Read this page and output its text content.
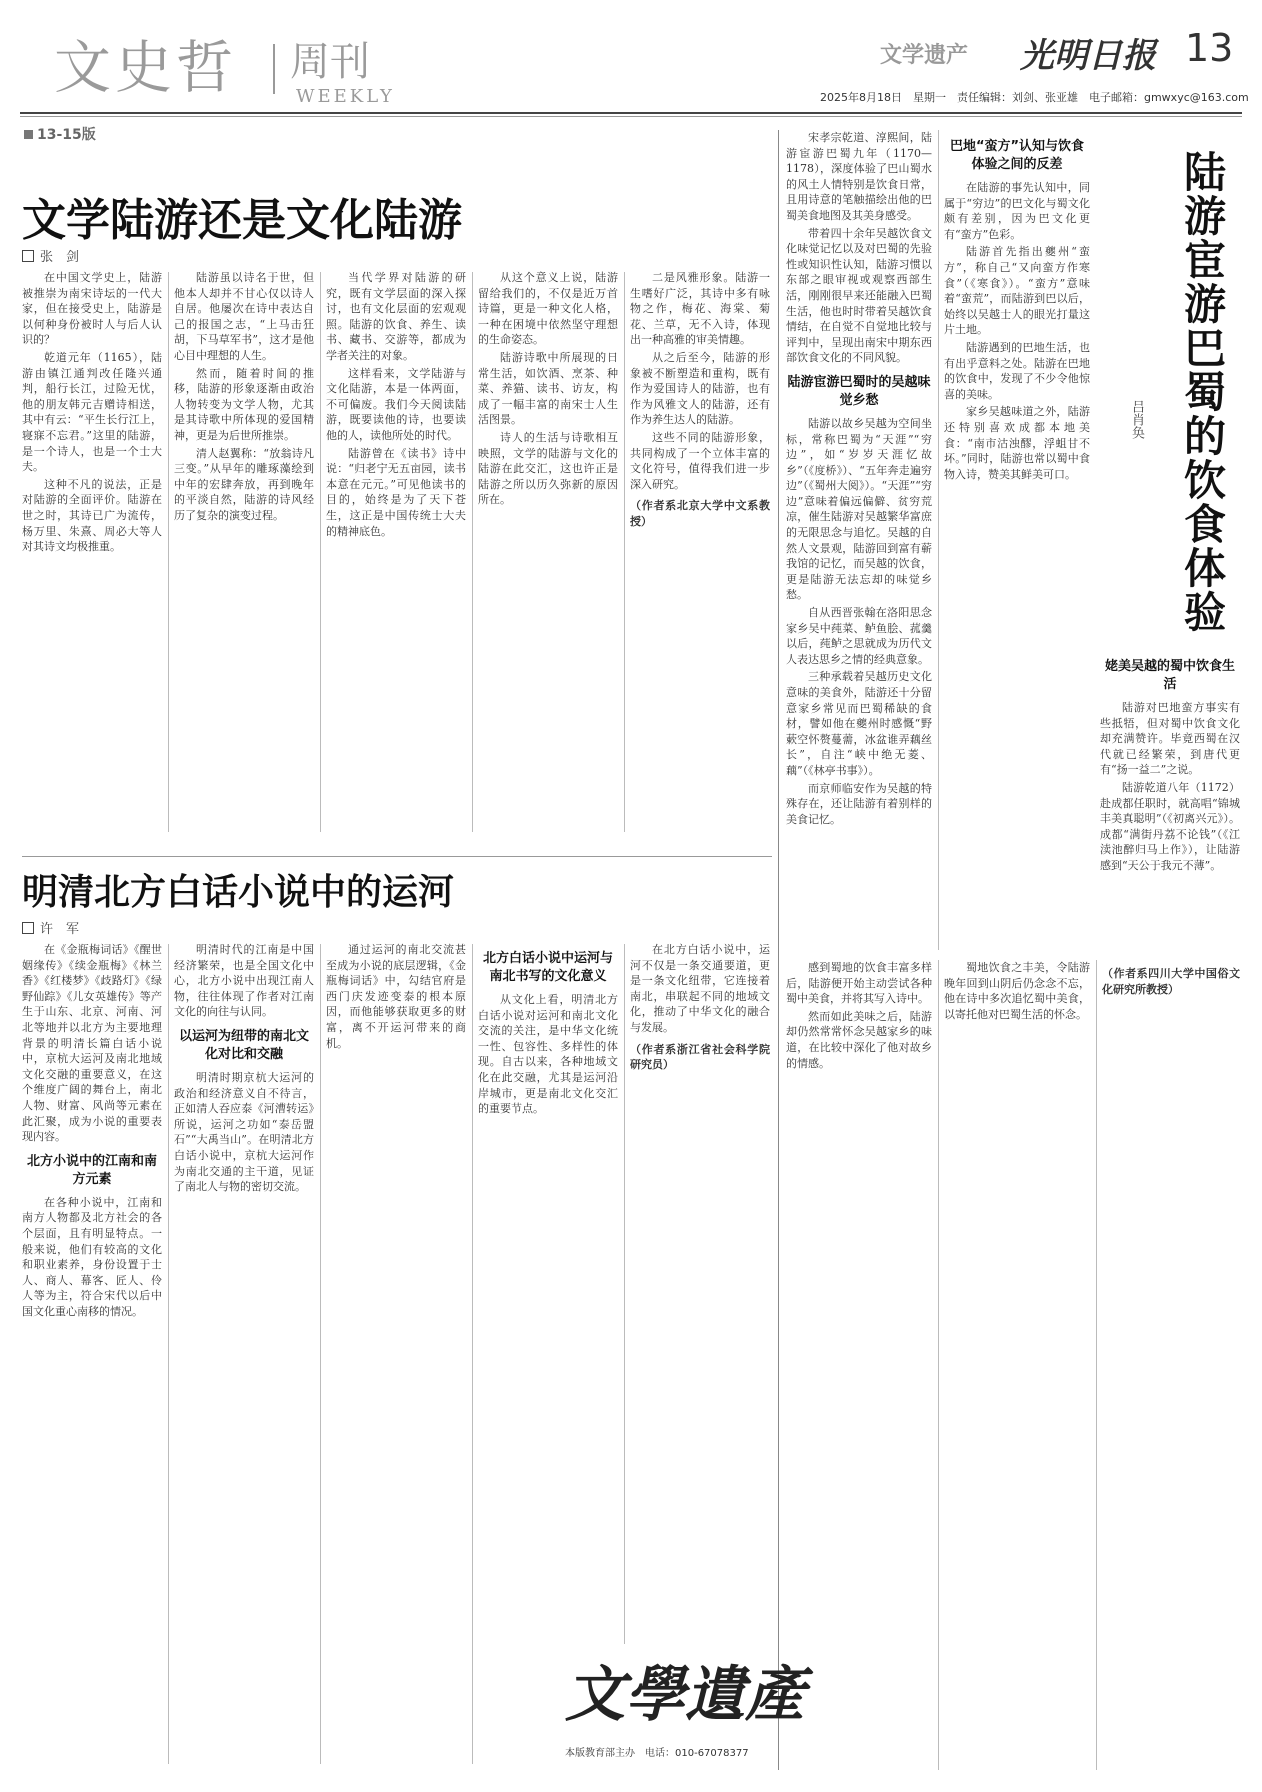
文史哲	周刊
WEEKLY
13-15版
文学遗产 光明日报 13
2025年8月18日　星期一　责任编辑：刘剑、张亚雄　电子邮箱：gmwxyc@163.com
文学陆游还是文化陆游
张　剑

在中国文学史上，陆游被推崇为南宋诗坛的一代大家，但在接受史上，陆游是以何种身份被时人与后人认识的？

乾道元年（1165），陆游由镇江通判改任隆兴通判，船行长江，过险无忧，他的朋友韩元吉赠诗相送，其中有云：“平生长行江上，寝寐不忘君。”这里的陆游，是一个诗人，也是一个士大夫。

这种不凡的说法，正是对陆游的全面评价。陆游在世之时，其诗已广为流传，杨万里、朱熹、周必大等人对其诗文均极推重。

陆游虽以诗名于世，但他本人却并不甘心仅以诗人自居。他屡次在诗中表达自己的报国之志，“上马击狂胡，下马草军书”，这才是他心目中理想的人生。

然而，随着时间的推移，陆游的形象逐渐由政治人物转变为文学人物，尤其是其诗歌中所体现的爱国精神，更是为后世所推崇。

清人赵翼称：“放翁诗凡三变。”从早年的雕琢藻绘到中年的宏肆奔放，再到晚年的平淡自然，陆游的诗风经历了复杂的演变过程。

当代学界对陆游的研究，既有文学层面的深入探讨，也有文化层面的宏观观照。陆游的饮食、养生、读书、藏书、交游等，都成为学者关注的对象。

这样看来，文学陆游与文化陆游，本是一体两面，不可偏废。我们今天阅读陆游，既要读他的诗，也要读他的人，读他所处的时代。

陆游曾在《读书》诗中说：“归老宁无五亩园，读书本意在元元。”可见他读书的目的，始终是为了天下苍生，这正是中国传统士大夫的精神底色。

从这个意义上说，陆游留给我们的，不仅是近万首诗篇，更是一种文化人格，一种在困境中依然坚守理想的生命姿态。

陆游诗歌中所展现的日常生活，如饮酒、烹茶、种菜、养猫、读书、访友，构成了一幅丰富的南宋士人生活图景。

诗人的生活与诗歌相互映照，文学的陆游与文化的陆游在此交汇，这也许正是陆游之所以历久弥新的原因所在。

二是风雅形象。陆游一生嗜好广泛，其诗中多有咏物之作，梅花、海棠、菊花、兰草，无不入诗，体现出一种高雅的审美情趣。

从之后至今，陆游的形象被不断塑造和重构，既有作为爱国诗人的陆游，也有作为风雅文人的陆游，还有作为养生达人的陆游。

这些不同的陆游形象，共同构成了一个立体丰富的文化符号，值得我们进一步深入研究。

（作者系北京大学中文系教授）	陆游宦游巴蜀的饮食体验
吕肖奂

宋孝宗乾道、淳熙间，陆游宦游巴蜀九年（1170—1178），深度体验了巴山蜀水的风土人情特别是饮食日常，且用诗意的笔触描绘出他的巴蜀美食地图及其美身感受。

带着四十余年吴越饮食文化味觉记忆以及对巴蜀的先验性或知识性认知，陆游习惯以东部之眼审视或观察西部生活，刚刚很早来还能融入巴蜀生活，他也时时带着吴越饮食情结，在自觉不自觉地比较与评判中，呈现出南宋中期东西部饮食文化的不同风貌。

陆游宦游巴蜀时的吴越味觉乡愁

陆游以故乡吴越为空间坐标，常称巴蜀为“天涯”“穷边”，如“岁岁天涯忆故乡”（《度桥》）、“五年奔走遍穷边”（《蜀州大阅》）。“天涯”“穷边”意味着偏远偏僻、贫穷荒凉，催生陆游对吴越繁华富庶的无限思念与追忆。吴越的自然人文景观，陆游回到富有蕲我馆的记忆，而吴越的饮食，更是陆游无法忘却的味觉乡愁。

自从西晋张翰在洛阳思念家乡吴中莼菜、鲈鱼脍、菰羹以后，莼鲈之思就成为历代文人表达思乡之情的经典意象。

三种承载着吴越历史文化意味的美食外，陆游还十分留意家乡常见而巴蜀稀缺的食材，譬如他在夔州时感慨“野蔌空怀赘蔓薷，冰盆谁弄藕丝长”，自注“峡中绝无菱、藕”（《林亭书事》）。

而京师临安作为吴越的特殊存在，还让陆游有着别样的美食记忆。

巴地“蛮方”认知与饮食体验之间的反差

在陆游的事先认知中，同属于“穷边”的巴文化与蜀文化颇有差别，因为巴文化更有“蛮方”色彩。

陆游首先指出夔州“蛮方”，称自己“又向蛮方作寒食”（《寒食》）。“蛮方”意味着“蛮荒”，而陆游到巴以后，始终以吴越士人的眼光打量这片土地。

陆游遇到的巴地生活，也有出乎意料之处。陆游在巴地的饮食中，发现了不少令他惊喜的美味。

家乡吴越味道之外，陆游还特别喜欢成都本地美食：“南市沽浊醪，浮蛆甘不坏。”同时，陆游也常以蜀中食物入诗，赞美其鲜美可口。

姥美吴越的蜀中饮食生活

陆游对巴地蛮方事实有些抵牾，但对蜀中饮食文化却充满赞许。毕竟西蜀在汉代就已经繁荣，到唐代更有“扬一益二”之说。

陆游乾道八年（1172）赴成都任职时，就高唱“锦城丰美真聪明”（《初离兴元》）。成都“满街丹荔不论钱”（《江渎池醉归马上作》），让陆游感到“天公于我元不薄”。

感到蜀地的饮食丰富多样后，陆游便开始主动尝试各种蜀中美食，并将其写入诗中。

然而如此美味之后，陆游却仍然常常怀念吴越家乡的味道，在比较中深化了他对故乡的情感。

蜀地饮食之丰美，令陆游晚年回到山阴后仍念念不忘，他在诗中多次追忆蜀中美食，以寄托他对巴蜀生活的怀念。

（作者系四川大学中国俗文化研究所教授）

明清北方白话小说中的运河
许　军

在《金瓶梅词话》《醒世姻缘传》《续金瓶梅》《林兰香》《红楼梦》《歧路灯》《绿野仙踪》《儿女英雄传》等产生于山东、北京、河南、河北等地并以北方为主要地理背景的明清长篇白话小说中，京杭大运河及南北地域文化交融的重要意义，在这个维度广阔的舞台上，南北人物、财富、风尚等元素在此汇聚，成为小说的重要表现内容。

北方小说中的江南和南方元素

在各种小说中，江南和南方人物都及北方社会的各个层面，且有明显特点。一般来说，他们有较高的文化和职业素养，身份设置于士人、商人、幕客、匠人、伶人等为主，符合宋代以后中国文化重心南移的情况。

明清时代的江南是中国经济繁荣，也是全国文化中心，北方小说中出现江南人物，往往体现了作者对江南文化的向往与认同。

以运河为纽带的南北文化对比和交融

明清时期京杭大运河的政治和经济意义自不待言，正如清人吞应泰《河漕转运》所说，运河之功如“泰岳盟石”“大禹当山”。在明清北方白话小说中，京杭大运河作为南北交通的主干道，见证了南北人与物的密切交流。

通过运河的南北交流甚至成为小说的底层逻辑，《金瓶梅词话》中，勾结官府是西门庆发迹变泰的根本原因，而他能够获取更多的财富，离不开运河带来的商机。

北方白话小说中运河与南北书写的文化意义

从文化上看，明清北方白话小说对运河和南北文化交流的关注，是中华文化统一性、包容性、多样性的体现。自古以来，各种地域文化在此交融，尤其是运河沿岸城市，更是南北文化交汇的重要节点。

在北方白话小说中，运河不仅是一条交通要道，更是一条文化纽带，它连接着南北，串联起不同的地域文化，推动了中华文化的融合与发展。

（作者系浙江省社会科学院研究员）

文學遺產
本版教育部主办　电话：010-67078377
